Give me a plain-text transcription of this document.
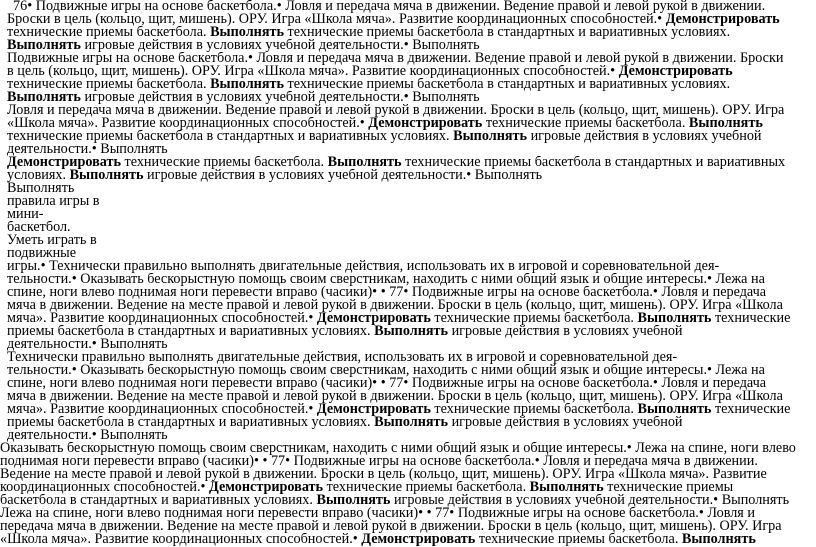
76• Подвижные игры на основе баскетбола.• Ловля и передача мяча в движении. Ведение правой и левой рукой в движении.
Броски в цель (кольцо, щит, мишень). ОРУ. Игра «Школа мяча». Развитие координационных способностей.• Демонстрировать
технические приемы баскетбола. Выполнять технические приемы баскетбола в стандартных и вариативных условиях.
Выполнять игровые действия в условиях учебной деятельности.• Выполнять
Подвижные игры на основе баскетбола.• Ловля и передача мяча в движении. Ведение правой и левой рукой в движении. Броски
в цель (кольцо, щит, мишень). ОРУ. Игра «Школа мяча». Развитие координационных способностей.• Демонстрировать
технические приемы баскетбола. Выполнять технические приемы баскетбола в стандартных и вариативных условиях.
Выполнять игровые действия в условиях учебной деятельности.• Выполнять
Ловля и передача мяча в движении. Ведение правой и левой рукой в движении. Броски в цель (кольцо, щит, мишень). ОРУ. Игра
«Школа мяча». Развитие координационных способностей.• Демонстрировать технические приемы баскетбола. Выполнять
технические приемы баскетбола в стандартных и вариативных условиях. Выполнять игровые действия в условиях учебной
деятельности.• Выполнять
Демонстрировать технические приемы баскетбола. Выполнять технические приемы баскетбола в стандартных и вариативных
условиях. Выполнять игровые действия в условиях учебной деятельности.• Выполнять
Выполнять
правила игры в
мини-
баскетбол.
Уметь играть в
подвижные
игры.• Технически правильно выполнять двигательные действия, использовать их в игровой и соревновательной дея-
тельности.• Оказывать бескорыстную помощь своим сверстникам, находить с ними общий язык и общие интересы.• Лежа на
спине, ноги влево поднимая ноги перевести вправо (часики)• • 77• Подвижные игры на основе баскетбола.• Ловля и передача
мяча в движении. Ведение на месте правой и левой рукой в движении. Броски в цель (кольцо, щит, мишень). ОРУ. Игра «Школа
мяча». Развитие координационных способностей.• Демонстрировать технические приемы баскетбола. Выполнять технические
приемы баскетбола в стандартных и вариативных условиях. Выполнять игровые действия в условиях учебной
деятельности.• Выполнять
Технически правильно выполнять двигательные действия, использовать их в игровой и соревновательной дея-
тельности.• Оказывать бескорыстную помощь своим сверстникам, находить с ними общий язык и общие интересы.• Лежа на
спине, ноги влево поднимая ноги перевести вправо (часики)• • 77• Подвижные игры на основе баскетбола.• Ловля и передача
мяча в движении. Ведение на месте правой и левой рукой в движении. Броски в цель (кольцо, щит, мишень). ОРУ. Игра «Школа
мяча». Развитие координационных способностей.• Демонстрировать технические приемы баскетбола. Выполнять технические
приемы баскетбола в стандартных и вариативных условиях. Выполнять игровые действия в условиях учебной
деятельности.• Выполнять
Оказывать бескорыстную помощь своим сверстникам, находить с ними общий язык и общие интересы.• Лежа на спине, ноги влево
поднимая ноги перевести вправо (часики)• • 77• Подвижные игры на основе баскетбола.• Ловля и передача мяча в движении.
Ведение на месте правой и левой рукой в движении. Броски в цель (кольцо, щит, мишень). ОРУ. Игра «Школа мяча». Развитие
координационных способностей.• Демонстрировать технические приемы баскетбола. Выполнять технические приемы
баскетбола в стандартных и вариативных условиях. Выполнять игровые действия в условиях учебной деятельности.• Выполнять
Лежа на спине, ноги влево поднимая ноги перевести вправо (часики)• • 77• Подвижные игры на основе баскетбола.• Ловля и
передача мяча в движении. Ведение на месте правой и левой рукой в движении. Броски в цель (кольцо, щит, мишень). ОРУ. Игра
«Школа мяча». Развитие координационных способностей.• Демонстрировать технические приемы баскетбола. Выполнять
